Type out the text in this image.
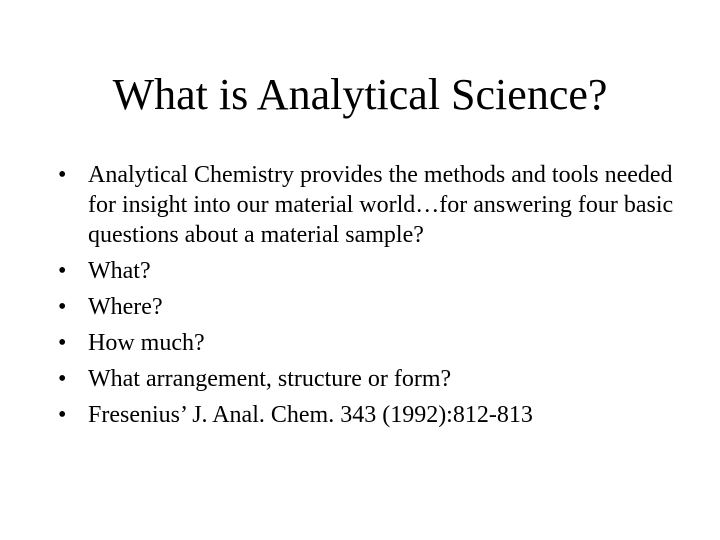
What is Analytical Science?
• Analytical Chemistry provides the methods and tools needed for insight into our material world…for answering four basic questions about a material sample?
• What?
• Where?
• How much?
• What arrangement, structure or form?
• Fresenius’ J. Anal. Chem. 343 (1992):812-813
